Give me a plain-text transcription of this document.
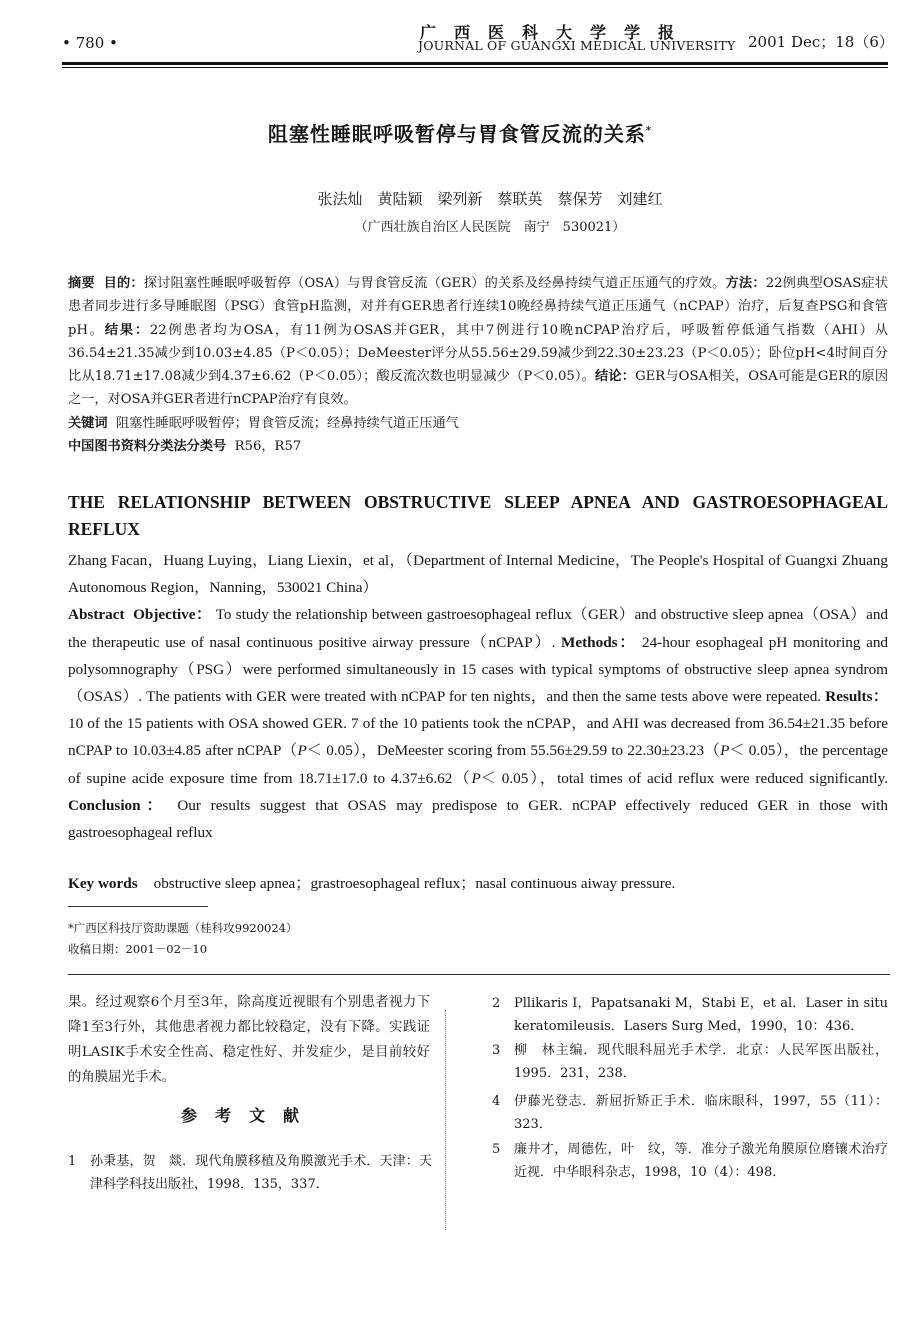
• 780 •
广西医科大学学报
JOURNAL OF GUANGXI MEDICAL UNIVERSITY 2001 Dec；18（6）
阻塞性睡眠呼吸暂停与胃食管反流的关系*
张法灿　黄陆颖　梁列新　蔡联英　蔡保芳　刘建红
（广西壮族自治区人民医院　南宁　530021）
摘要 目的：探讨阻塞性睡眠呼吸暂停（OSA）与胃食管反流（GER）的关系及经鼻持续气道正压通气的疗效。方法：22例典型OSAS症状患者同步进行多导睡眠图（PSG）食管pH监测，对并有GER患者行连续10晚经鼻持续气道正压通气（nCPAP）治疗，后复查PSG和食管pH。结果：22例患者均为OSA，有11例为OSAS并GER，其中7例进行10晚nCPAP治疗后，呼吸暂停低通气指数（AHI）从36.54±21.35减少到10.03±4.85（P＜0.05）；DeMeester评分从55.56±29.59减少到22.30±23.23（P＜0.05）；卧位pH<4时间百分比从18.71±17.08减少到4.37±6.62（P＜0.05）；酸反流次数也明显减少（P＜0.05）。结论：GER与OSA相关，OSA可能是GER的原因之一，对OSA并GER者进行nCPAP治疗有良效。
关键词 阻塞性睡眠呼吸暂停；胃食管反流；经鼻持续气道正压通气
中国图书资料分类法分类号 R56，R57
THE RELATIONSHIP BETWEEN OBSTRUCTIVE SLEEP APNEA AND GASTROESOPHAGEAL REFLUX
Zhang Facan，Huang Luying，Liang Liexin，et al，（Department of Internal Medicine，The People's Hospital of Guangxi Zhuang Autonomous Region，Nanning，530021 China）
Abstract Objective： To study the relationship between gastroesophageal reflux（GER）and obstructive sleep apnea（OSA）and the therapeutic use of nasal continuous positive airway pressure（nCPAP）. Methods： 24-hour esophageal pH monitoring and polysomnography（PSG）were performed simultaneously in 15 cases with typical symptoms of obstructive sleep apnea syndrom（OSAS）. The patients with GER were treated with nCPAP for ten nights，and then the same tests above were repeated. Results： 10 of the 15 patients with OSA showed GER. 7 of the 10 patients took the nCPAP，and AHI was decreased from 36.54±21.35 before nCPAP to 10.03±4.85 after nCPAP（P＜ 0.05），DeMeester scoring from 55.56±29.59 to 22.30±23.23（P＜ 0.05），the percentage of supine acide exposure time from 18.71±17.0 to 4.37±6.62（P＜ 0.05），total times of acid reflux were reduced significantly. Conclusion： Our results suggest that OSAS may predispose to GER. nCPAP effectively reduced GER in those with gastroesophageal reflux
Key words obstructive sleep apnea；grastroesophageal reflux；nasal continuous aiway pressure.
*广西区科技厅资助课题（桂科攻9920024）
收稿日期：2001－02－10
果。经过观察6个月至3年，除高度近视眼有个别患者视力下降1至3行外，其他患者视力都比较稳定，没有下降。实践证明LASIK手术安全性高、稳定性好、并发症少，是目前较好的角膜屈光手术。
参考文献
1 孙秉基，贺　燚．现代角膜移植及角膜激光手术．天津：天津科学科技出版社，1998．135，337．
2 Pllikaris I，Papatsanaki M，Stabi E，et al．Laser in situ keratomileusis．Lasers Surg Med，1990，10：436．
3 柳　林主编．现代眼科屈光手术学．北京：人民军医出版社，1995．231，238．
4 伊藤光登志．新屈折矫正手术．临床眼科，1997，55（11）：323．
5 廉井才，周德佐，叶　纹，等．准分子激光角膜原位磨镶术治疗近视．中华眼科杂志，1998，10（4）：498．
